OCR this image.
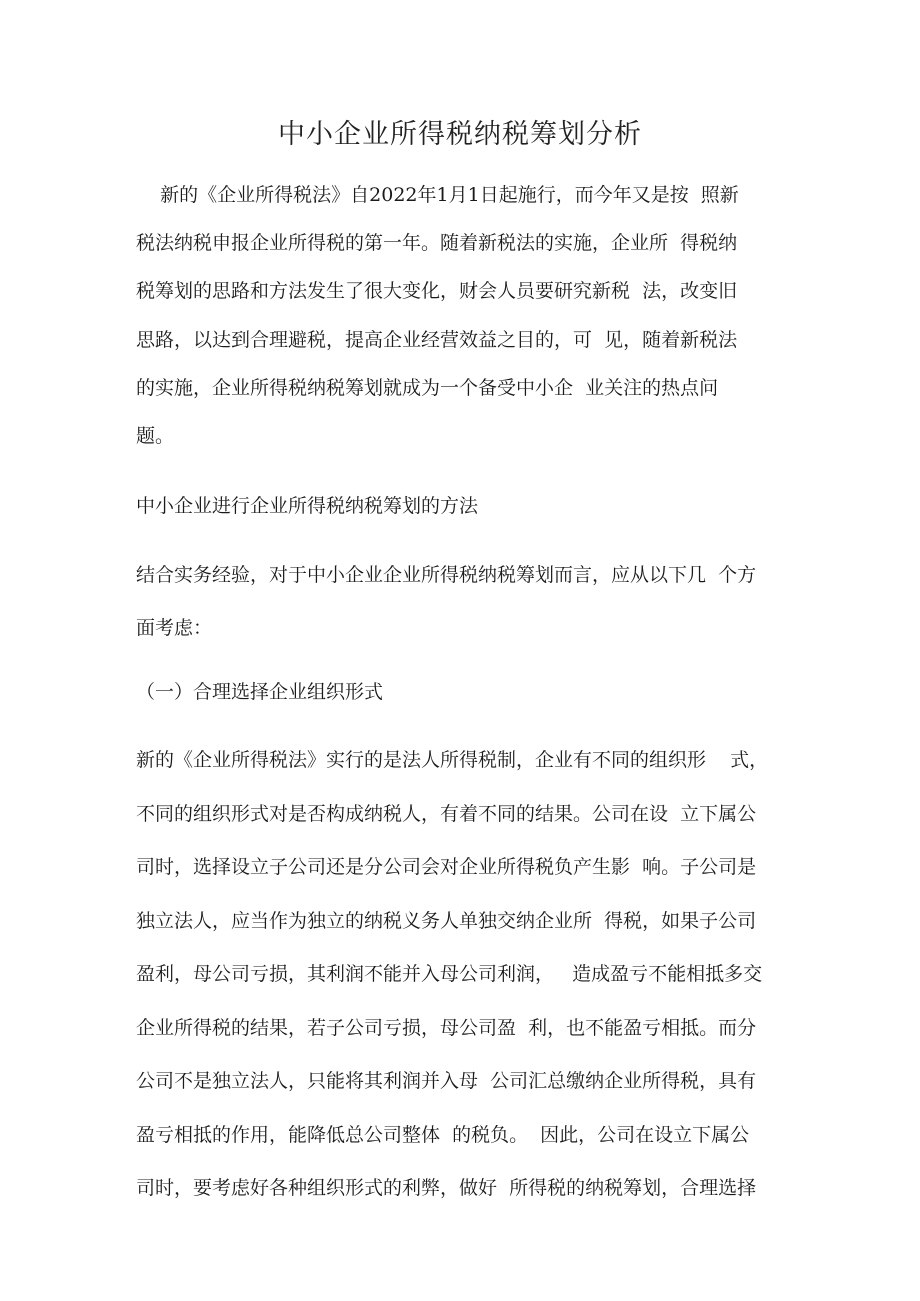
中小企业所得税纳税筹划分析
新的《企业所得税法》自2022年1月1日起施行，而今年又是按  照新
税法纳税申报企业所得税的第一年。随着新税法的实施，企业所  得税纳
税筹划的思路和方法发生了很大变化，财会人员要研究新税  法，改变旧
思路，以达到合理避税，提高企业经营效益之目的，可  见，随着新税法
的实施，企业所得税纳税筹划就成为一个备受中小企  业关注的热点问
题。
中小企业进行企业所得税纳税筹划的方法
结合实务经验，对于中小企业企业所得税纳税筹划而言，应从以下几  个方
面考虑：
（一）合理选择企业组织形式
新的《企业所得税法》实行的是法人所得税制，企业有不同的组织形    式，
不同的组织形式对是否构成纳税人，有着不同的结果。公司在设  立下属公
司时，选择设立子公司还是分公司会对企业所得税负产生影  响。子公司是
独立法人，应当作为独立的纳税义务人单独交纳企业所  得税，如果子公司
盈利，母公司亏损，其利润不能并入母公司利润，   造成盈亏不能相抵多交
企业所得税的结果，若子公司亏损，母公司盈  利，也不能盈亏相抵。而分
公司不是独立法人，只能将其利润并入母  公司汇总缴纳企业所得税，具有
盈亏相抵的作用，能降低总公司整体  的税负。  因此，公司在设立下属公
司时，要考虑好各种组织形式的利弊，做好  所得税的纳税筹划，合理选择
